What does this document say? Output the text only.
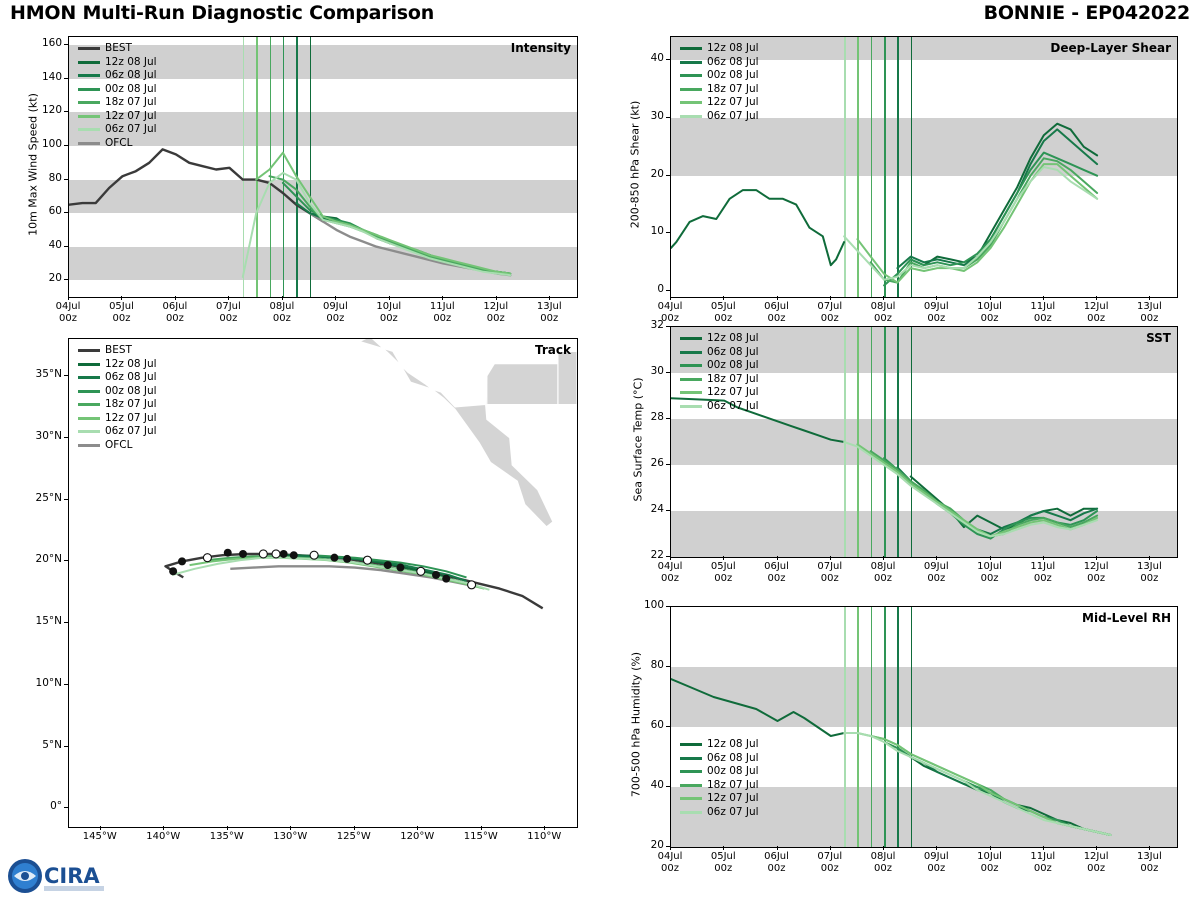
HMON Multi-Run Diagnostic Comparison	BONNIE - EP042022
10m Max Wind Speed (kt)
20
40
60
80
100
120
140
160	Intensity
04Jul
00z
05Jul
00z
06Jul
00z
07Jul
00z
08Jul
00z
09Jul
00z
10Jul
00z
11Jul
00z
12Jul
00z
13Jul
00z
BEST
12z 08 Jul
06z 08 Jul
00z 08 Jul
18z 07 Jul
12z 07 Jul
06z 07 Jul
OFCL
0°
5°N
10°N
15°N
20°N
25°N
30°N
35°N
Track
145°W	140°W	135°W	130°W	125°W	120°W	115°W	110°W
BEST
12z 08 Jul
06z 08 Jul
00z 08 Jul
18z 07 Jul
12z 07 Jul
06z 07 Jul
OFCL
200-850 hPa Shear (kt)
0
10
20
30
40
Deep-Layer Shear
04Jul
00z
05Jul
00z
06Jul
00z
07Jul
00z
08Jul
00z
09Jul
00z
10Jul
00z
11Jul
00z
12Jul
00z
13Jul
00z
12z 08 Jul
06z 08 Jul
00z 08 Jul
18z 07 Jul
12z 07 Jul
06z 07 Jul
Sea Surface Temp (°C)
22
24
26
28
30
32
SST
04Jul
00z
05Jul
00z
06Jul
00z
07Jul
00z
08Jul
00z
09Jul
00z
10Jul
00z
11Jul
00z
12Jul
00z
13Jul
00z
12z 08 Jul
06z 08 Jul
00z 08 Jul
18z 07 Jul
12z 07 Jul
06z 07 Jul
700-500 hPa Humidity (%)
20
40
60
80
100
Mid-Level RH
04Jul
00z
05Jul
00z
06Jul
00z
07Jul
00z
08Jul
00z
09Jul
00z
10Jul
00z
11Jul
00z
12Jul
00z
13Jul
00z
12z 08 Jul
06z 08 Jul
00z 08 Jul
18z 07 Jul
12z 07 Jul
06z 07 Jul
CIRA
